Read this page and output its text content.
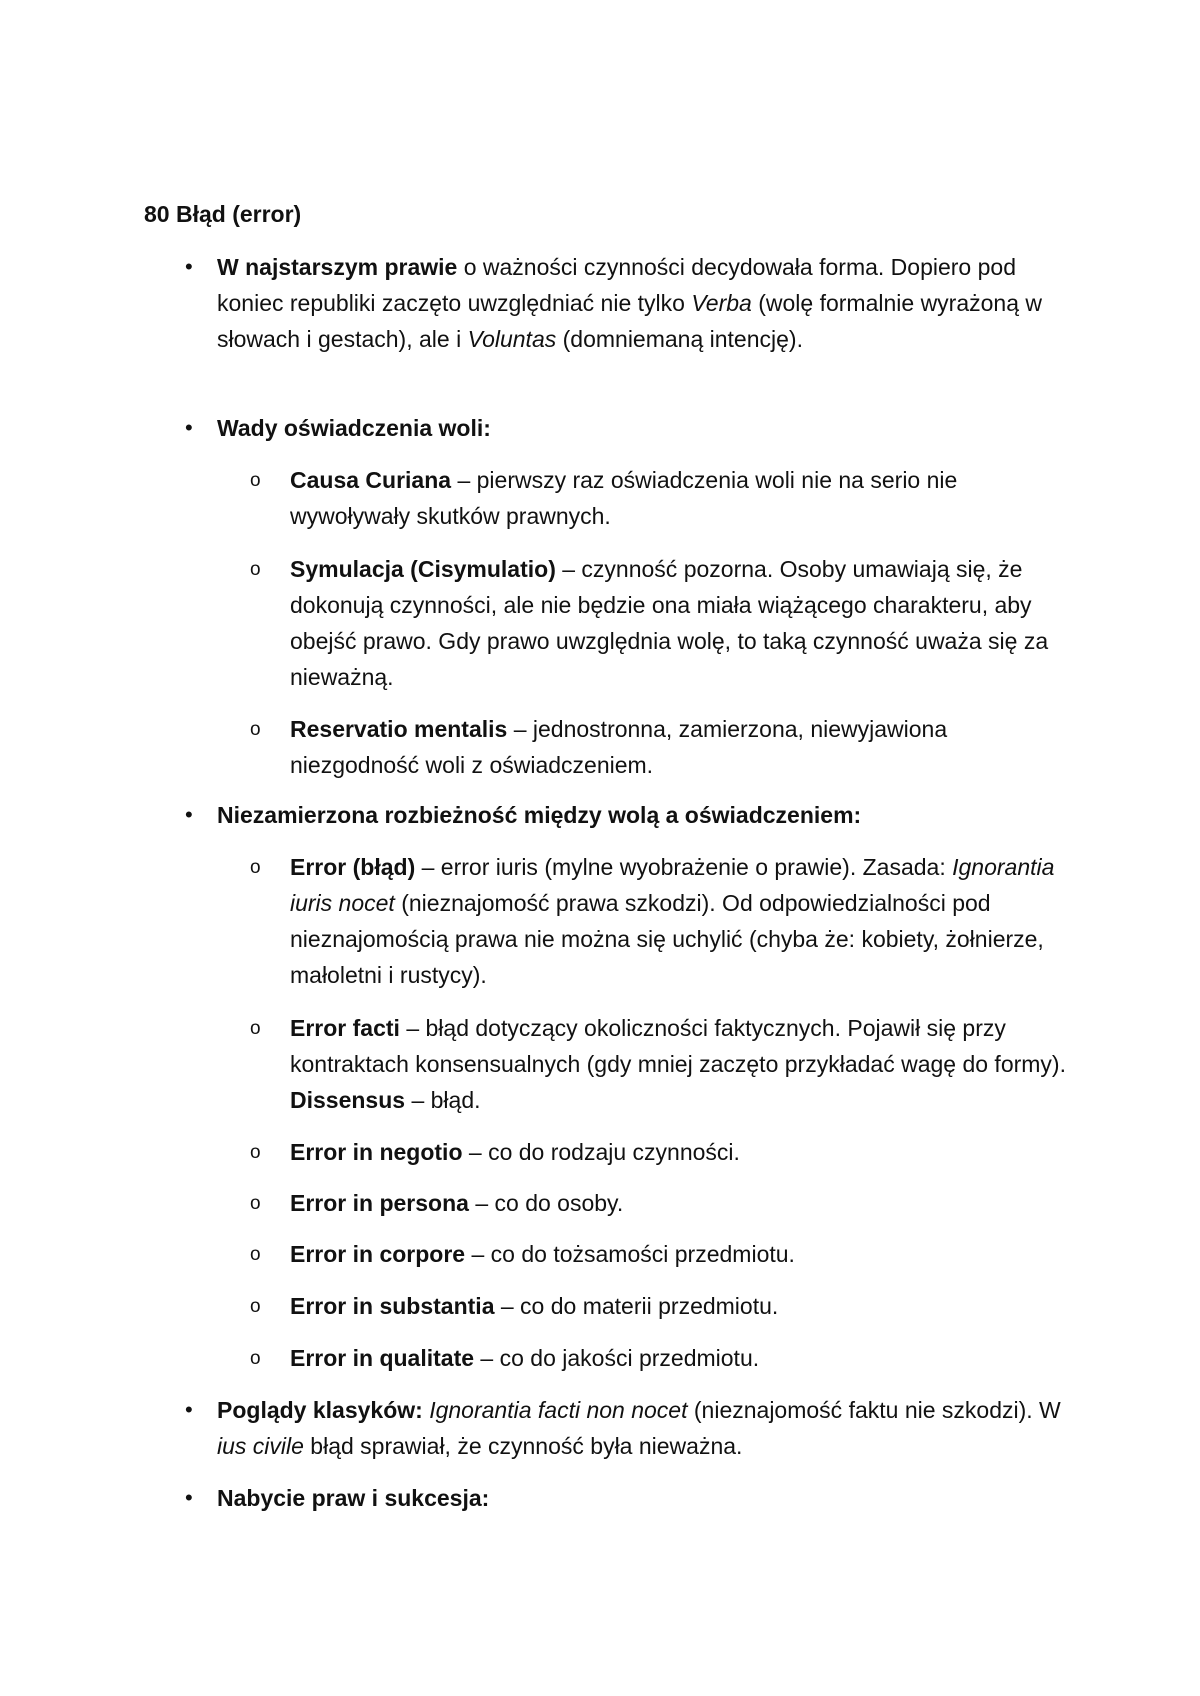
80 Błąd (error)
• W najstarszym prawie o ważności czynności decydowała forma. Dopiero pod koniec republiki zaczęto uwzględniać nie tylko Verba (wolę formalnie wyrażoną w słowach i gestach), ale i Voluntas (domniemaną intencję).
• Wady oświadczenia woli:
o Causa Curiana – pierwszy raz oświadczenia woli nie na serio nie wywoływały skutków prawnych.
o Symulacja (Cisymulatio) – czynność pozorna. Osoby umawiają się, że dokonują czynności, ale nie będzie ona miała wiążącego charakteru, aby obejść prawo. Gdy prawo uwzględnia wolę, to taką czynność uważa się za nieważną.
o Reservatio mentalis – jednostronna, zamierzona, niewyjawiona niezgodność woli z oświadczeniem.
• Niezamierzona rozbieżność między wolą a oświadczeniem:
o Error (błąd) – error iuris (mylne wyobrażenie o prawie). Zasada: Ignorantia iuris nocet (nieznajomość prawa szkodzi). Od odpowiedzialności pod nieznajomością prawa nie można się uchylić (chyba że: kobiety, żołnierze, małoletni i rustycy).
o Error facti – błąd dotyczący okoliczności faktycznych. Pojawił się przy kontraktach konsensualnych (gdy mniej zaczęto przykładać wagę do formy). Dissensus – błąd.
o Error in negotio – co do rodzaju czynności.
o Error in persona – co do osoby.
o Error in corpore – co do tożsamości przedmiotu.
o Error in substantia – co do materii przedmiotu.
o Error in qualitate – co do jakości przedmiotu.
• Poglądy klasyków: Ignorantia facti non nocet (nieznajomość faktu nie szkodzi). W ius civile błąd sprawiał, że czynność była nieważna.
• Nabycie praw i sukcesja:
